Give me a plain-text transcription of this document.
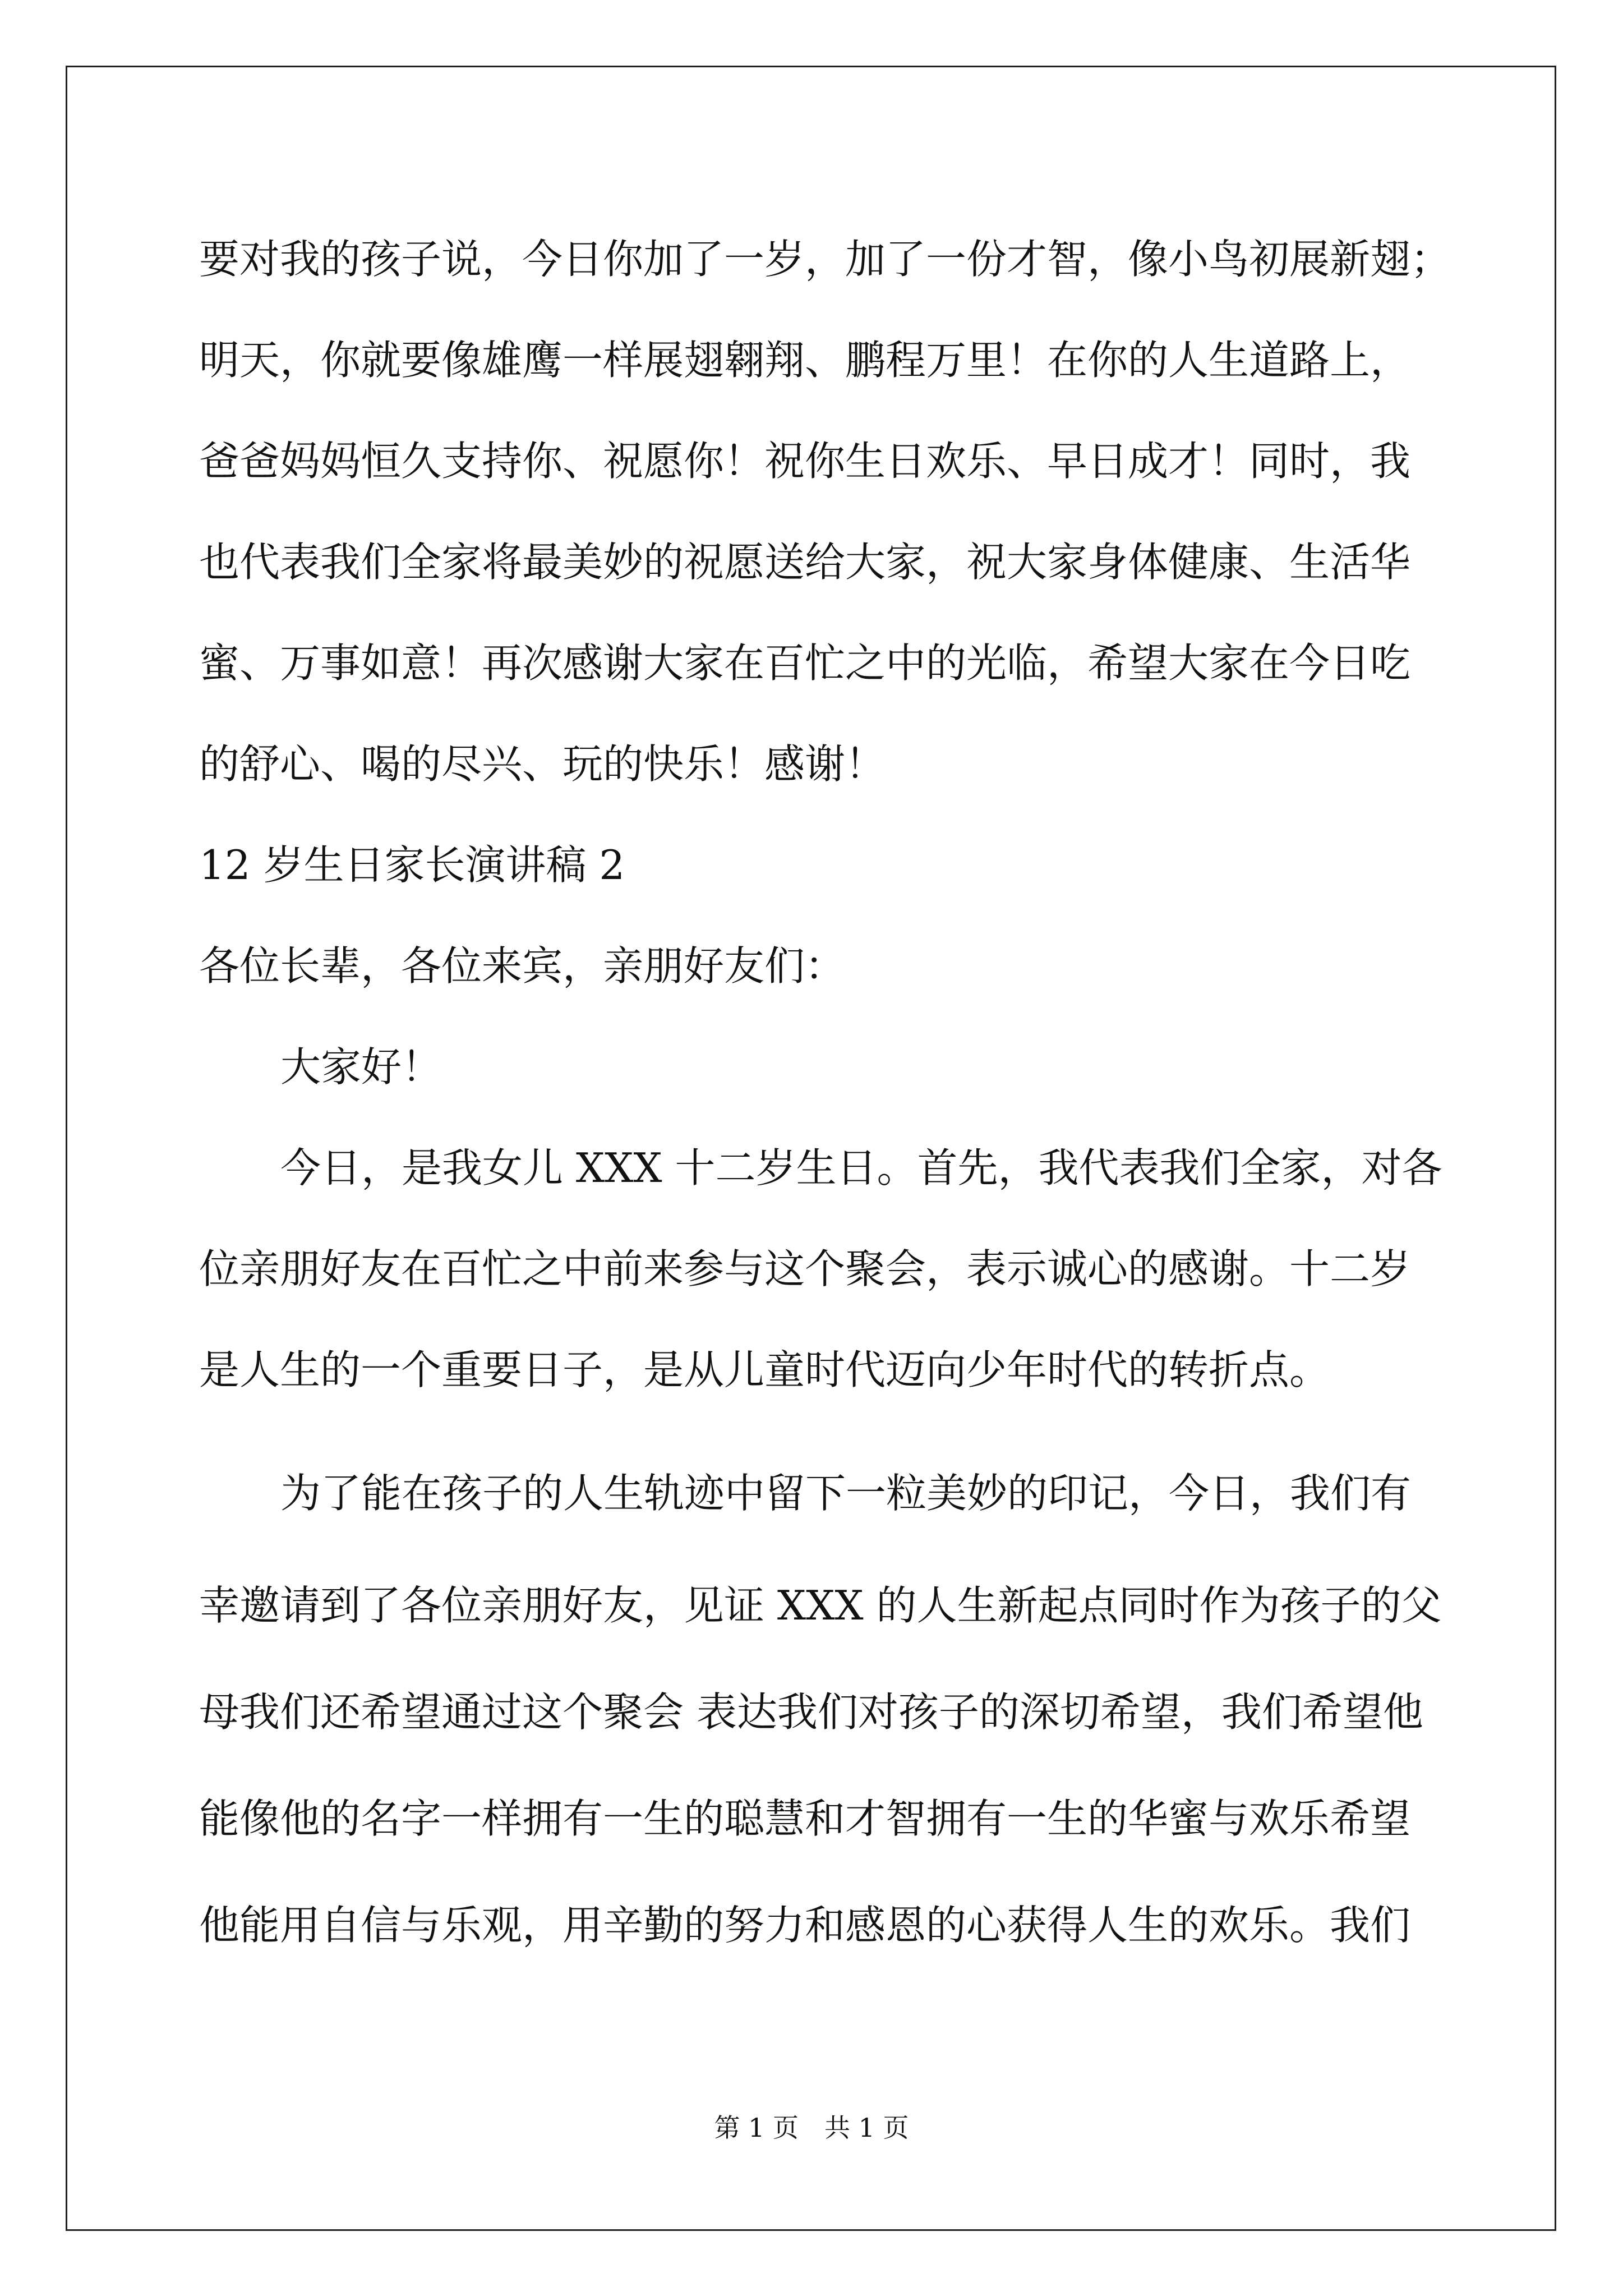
要对我的孩子说，今日你加了一岁，加了一份才智，像小鸟初展新翅；
明天，你就要像雄鹰一样展翅翱翔、鹏程万里！在你的人生道路上，
爸爸妈妈恒久支持你、祝愿你！祝你生日欢乐、早日成才！同时，我
也代表我们全家将最美妙的祝愿送给大家，祝大家身体健康、生活华
蜜、万事如意！再次感谢大家在百忙之中的光临，希望大家在今日吃
的舒心、喝的尽兴、玩的快乐！感谢！
12 岁生日家长演讲稿 2
各位长辈，各位来宾，亲朋好友们：
大家好！
今日，是我女儿 XXX 十二岁生日。首先，我代表我们全家，对各
位亲朋好友在百忙之中前来参与这个聚会，表示诚心的感谢。十二岁
是人生的一个重要日子，是从儿童时代迈向少年时代的转折点。
为了能在孩子的人生轨迹中留下一粒美妙的印记，今日，我们有
幸邀请到了各位亲朋好友，见证 XXX 的人生新起点同时作为孩子的父
母我们还希望通过这个聚会 表达我们对孩子的深切希望，我们希望他
能像他的名字一样拥有一生的聪慧和才智拥有一生的华蜜与欢乐希望
他能用自信与乐观，用辛勤的努力和感恩的心获得人生的欢乐。我们
第 1 页　共 1 页
